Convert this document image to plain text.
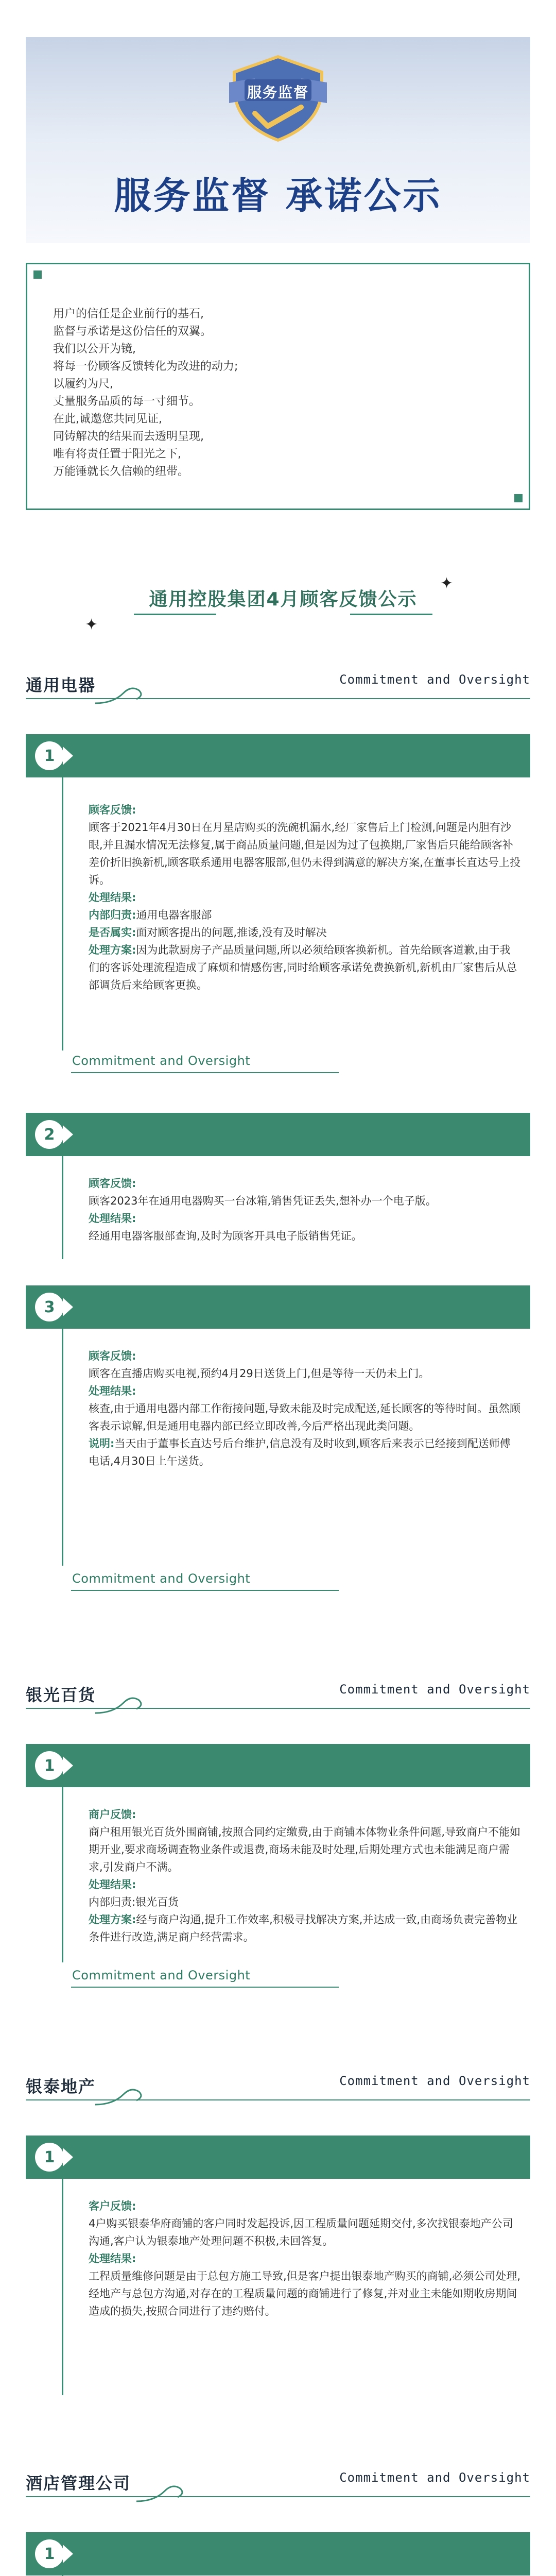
服务监督
服务监督 承诺公示
用户的信任是企业前行的基石,
监督与承诺是这份信任的双翼。
我们以公开为镜,
将每一份顾客反馈转化为改进的动力;
以履约为尺,
丈量服务品质的每一寸细节。
在此,诚邀您共同见证,
同铸解决的结果而去透明呈现,
唯有将责任置于阳光之下,
万能锤就长久信赖的纽带。
✦
通用控股集团4月顾客反馈公示
✦
通用电器	Commitment and Oversight
1

顾客反馈:

顾客于2021年4月30日在月星店购买的洗碗机漏水,经厂家售后上门检测,问题是内胆有沙眼,并且漏水情况无法修复,属于商品质量问题,但是因为过了包换期,厂家售后只能给顾客补差价折旧换新机,顾客联系通用电器客服部,但仍未得到满意的解决方案,在董事长直达号上投诉。

处理结果:

内部归责:通用电器客服部

是否属实:面对顾客提出的问题,推诿,没有及时解决

处理方案:因为此款厨房子产品质量问题,所以必须给顾客换新机。首先给顾客道歉,由于我们的客诉处理流程造成了麻烦和情感伤害,同时给顾客承诺免费换新机,新机由厂家售后从总部调货后来给顾客更换。

Commitment and Oversight
2

顾客反馈:

顾客2023年在通用电器购买一台冰箱,销售凭证丢失,想补办一个电子版。

处理结果:

经通用电器客服部查询,及时为顾客开具电子版销售凭证。

3

顾客反馈:

顾客在直播店购买电视,预约4月29日送货上门,但是等待一天仍未上门。

处理结果:

核查,由于通用电器内部工作衔接问题,导致未能及时完成配送,延长顾客的等待时间。虽然顾客表示谅解,但是通用电器内部已经立即改善,今后严格出现此类问题。

说明:当天由于董事长直达号后台维护,信息没有及时收到,顾客后来表示已经接到配送师傅电话,4月30日上午送货。

Commitment and Oversight
银光百货	Commitment and Oversight
1

商户反馈:

商户租用银光百货外围商铺,按照合同约定缴费,由于商铺本体物业条件问题,导致商户不能如期开业,要求商场调查物业条件或退费,商场未能及时处理,后期处理方式也未能满足商户需求,引发商户不满。

处理结果:

内部归责:银光百货

处理方案:经与商户沟通,提升工作效率,积极寻找解决方案,并达成一致,由商场负责完善物业条件进行改造,满足商户经营需求。

Commitment and Oversight
银泰地产	Commitment and Oversight
1

客户反馈:

4户购买银泰华府商铺的客户同时发起投诉,因工程质量问题延期交付,多次找银泰地产公司沟通,客户认为银泰地产处理问题不积极,未回答复。

处理结果:

工程质量维修问题是由于总包方施工导致,但是客户提出银泰地产购买的商铺,必须公司处理,经地产与总包方沟通,对存在的工程质量问题的商铺进行了修复,并对业主未能如期收房期间造成的损失,按照合同进行了违约赔付。

酒店管理公司	Commitment and Oversight
1
